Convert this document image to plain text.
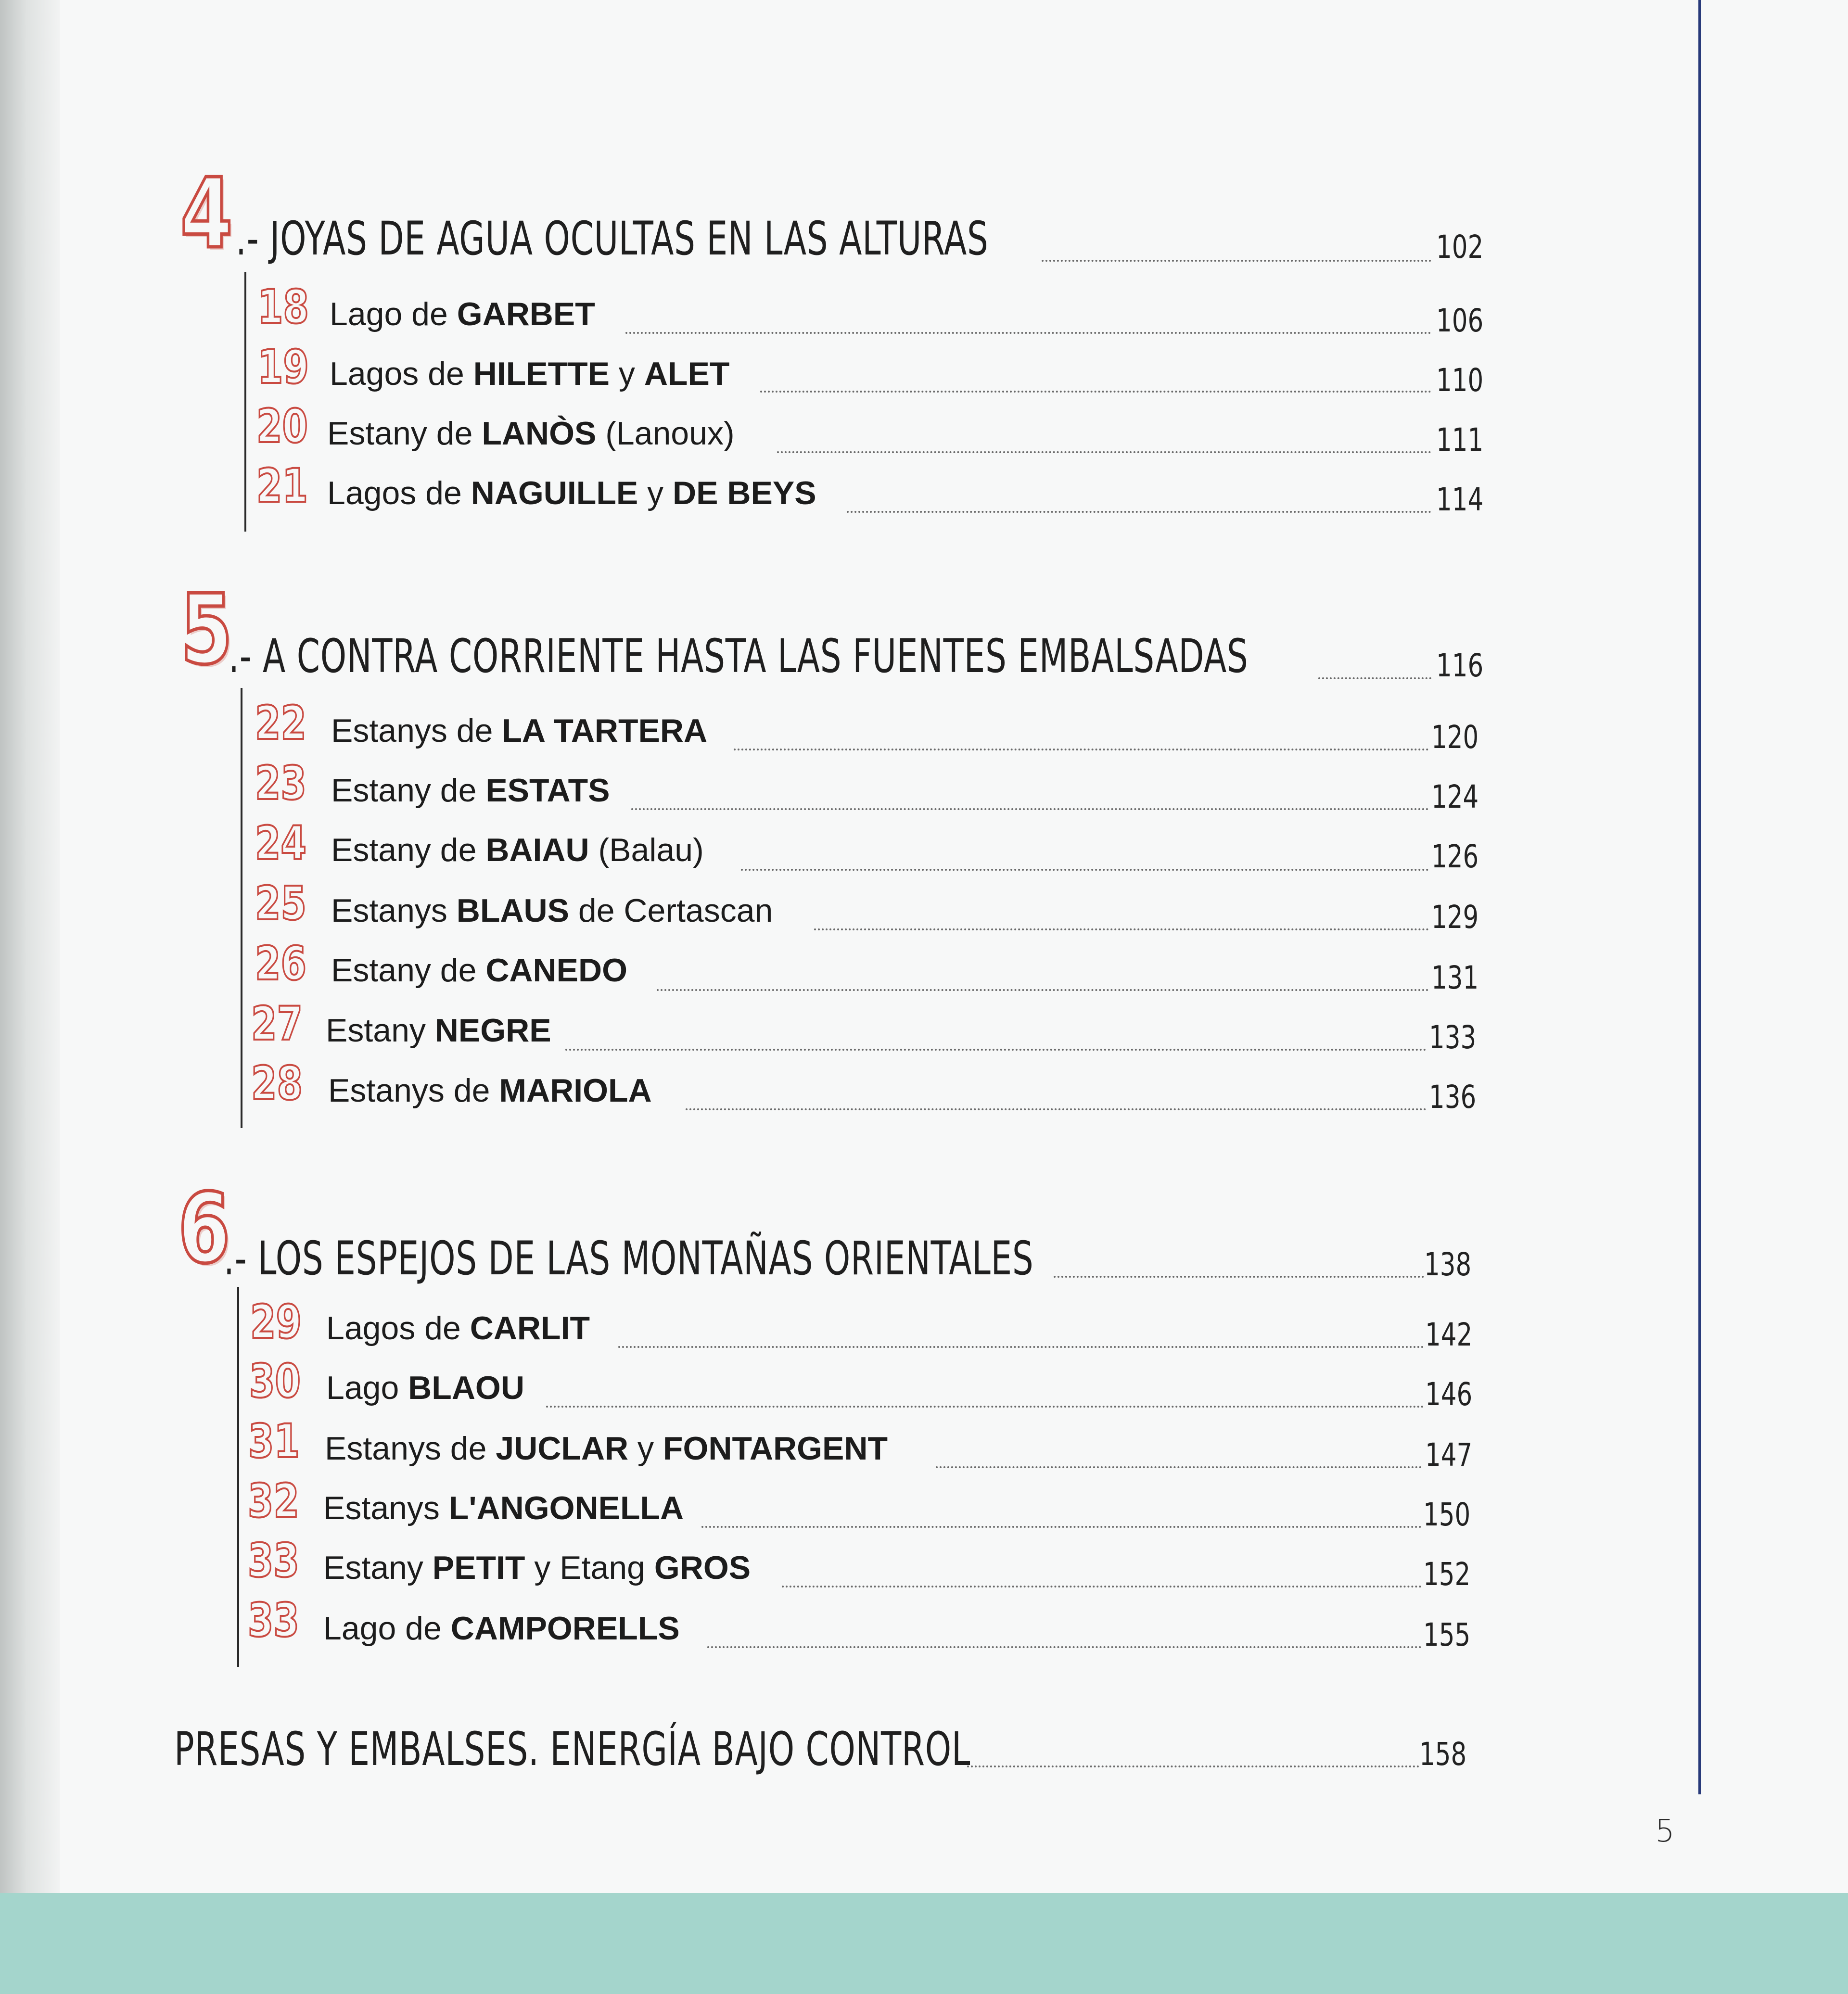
4 .- JOYAS DE AGUA OCULTAS EN LAS ALTURAS	102
18 Lago de GARBET	106
19 Lagos de HILETTE y ALET	110
20 Estany de LANÒS (Lanoux)	111
21 Lagos de NAGUILLE y DE BEYS	114
5
.- A CONTRA CORRIENTE HASTA LAS FUENTES EMBALSADAS	116
22 Estanys de LA TARTERA	120
23 Estany de ESTATS	124
24 Estany de BAIAU (Balau)	126
25 Estanys BLAUS de Certascan	129
26 Estany de CANEDO	131
27 Estany NEGRE	133
28 Estanys de MARIOLA	136
6
.- LOS ESPEJOS DE LAS MONTAÑAS ORIENTALES	138
29 Lagos de CARLIT	142
30 Lago BLAOU	146
31 Estanys de JUCLAR y FONTARGENT	147
32 Estanys L'ANGONELLA	150
33 Estany PETIT y Etang GROS	152
33 Lago de CAMPORELLS	155
PRESAS Y EMBALSES. ENERGÍA BAJO CONTROL	158
5
